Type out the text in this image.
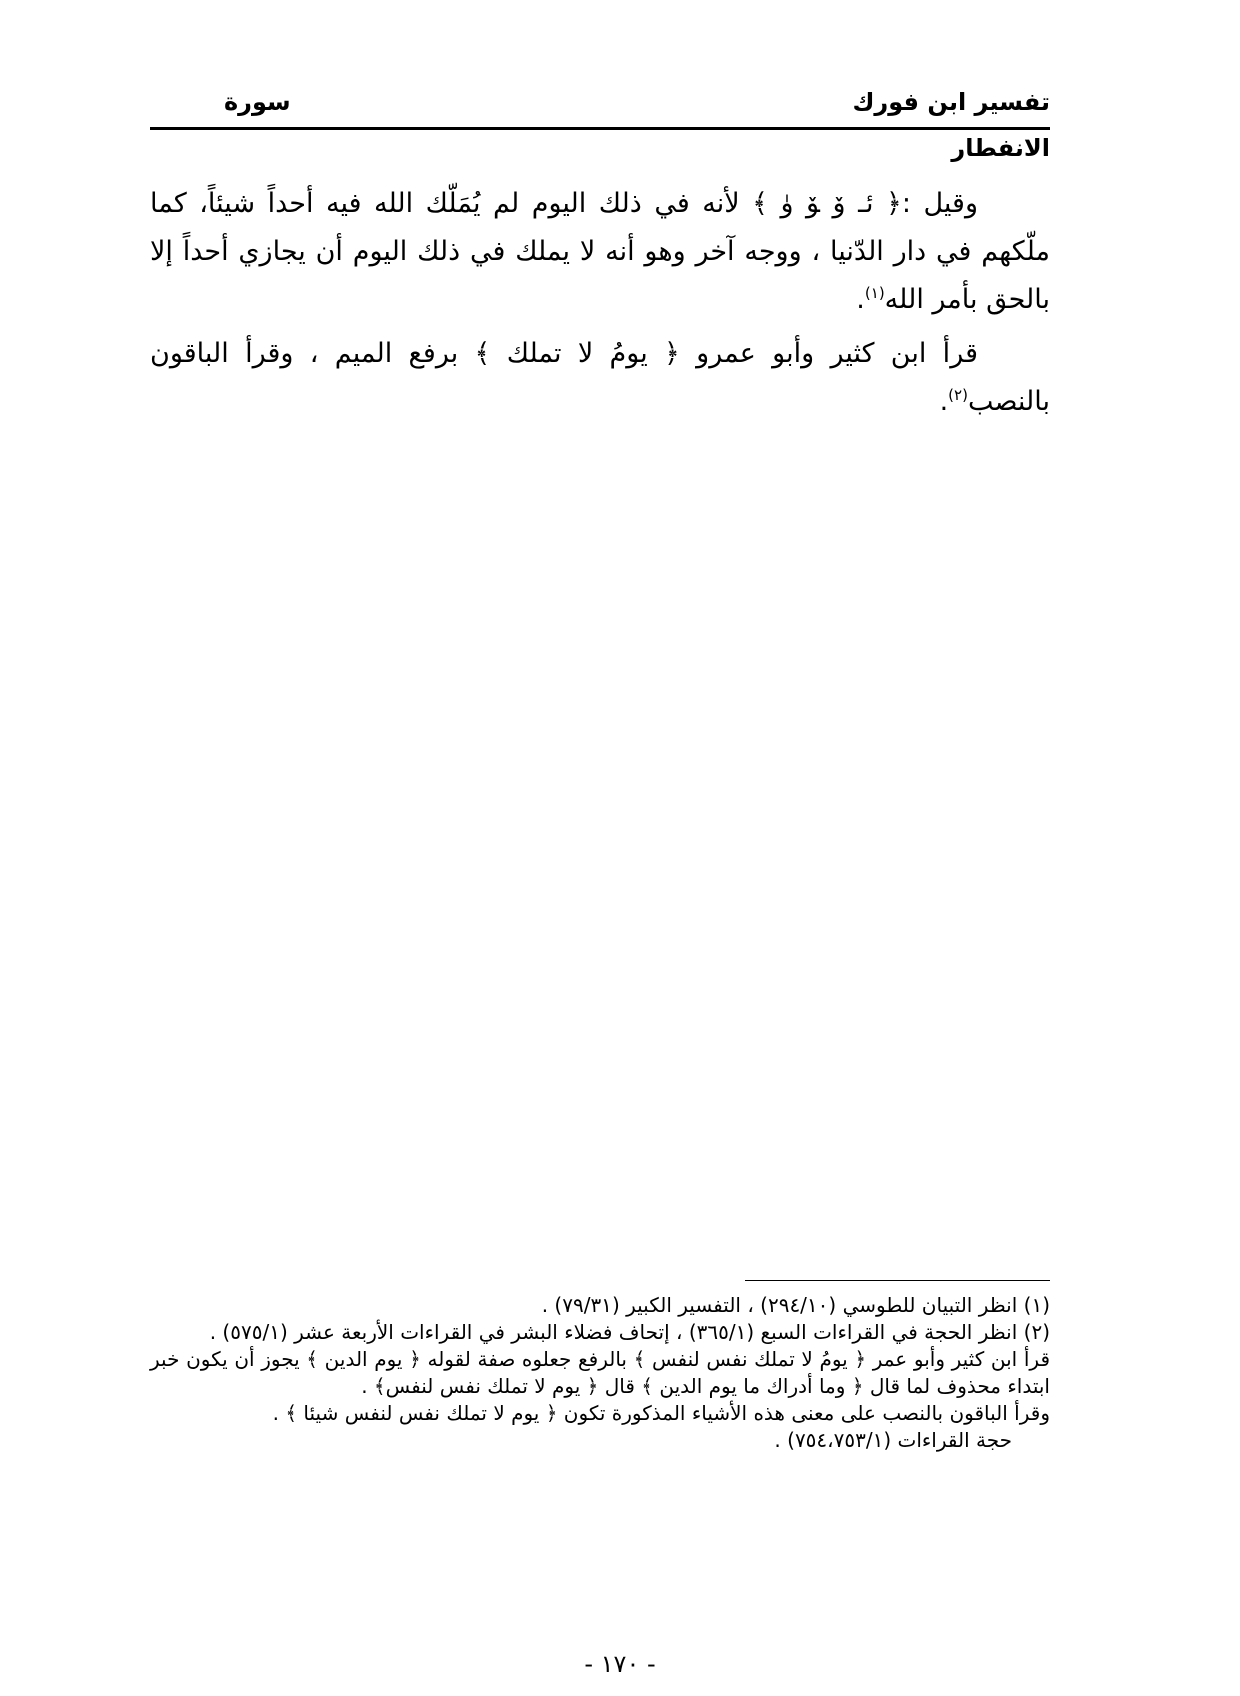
تفسير ابن فورك
سورة
الانفطار

وقيل :﴿ ئـ ﯙ ﯚ ﯛ ﴾ لأنه في ذلك اليوم لم يُمَلّك الله فيه أحداً شيئاً، كما ملّكهم في دار الدّنيا ، ووجه آخر وهو أنه لا يملك في ذلك اليوم أن يجازي أحداً إلا بالحق بأمر الله$^{(١)}$.

قرأ ابن كثير وأبو عمرو ﴿ يومُ لا تملك ﴾ برفع الميم ، وقرأ الباقون بالنصب$^{(٢)}$.

(١) انظر التبيان للطوسي (٢٩٤/١٠) ، التفسير الكبير (٧٩/٣١) .

(٢) انظر الحجة في القراءات السبع (٣٦٥/١) ، إتحاف فضلاء البشر في القراءات الأربعة عشر (٥٧٥/١) .

قرأ ابن كثير وأبو عمر ﴿ يومُ لا تملك نفس لنفس ﴾ بالرفع جعلوه صفة لقوله ﴿ يوم الدين ﴾ يجوز أن يكون خبر ابتداء محذوف لما قال ﴿ وما أدراك ما يوم الدين ﴾ قال ﴿ يوم لا تملك نفس لنفس﴾ .

وقرأ الباقون بالنصب على معنى هذه الأشياء المذكورة تكون ﴿ يوم لا تملك نفس لنفس شيئا ﴾ .

حجة القراءات (٧٥٤،٧٥٣/١) .

- ١٧٠ -
